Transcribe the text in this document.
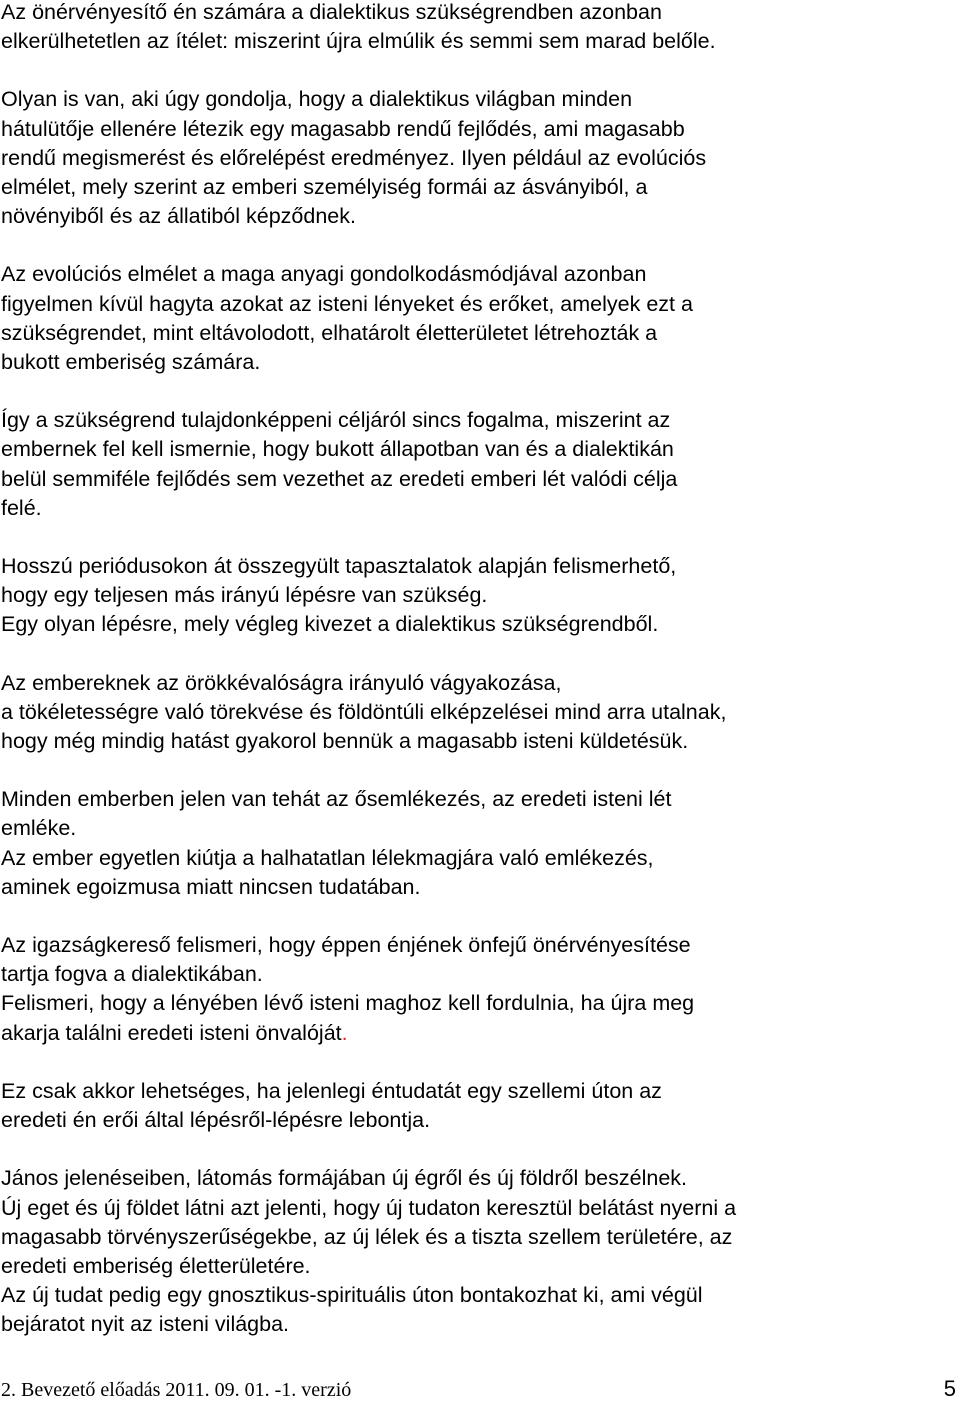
Az önérvényesítő én számára a dialektikus szükségrendben azonban
elkerülhetetlen az ítélet: miszerint újra elmúlik és semmi sem marad belőle.

Olyan is van, aki úgy gondolja, hogy a dialektikus világban minden
hátulütője ellenére létezik egy magasabb rendű fejlődés, ami magasabb
rendű megismerést és előrelépést eredményez. Ilyen például az evolúciós
elmélet, mely szerint az emberi személyiség formái az ásványiból, a
növényiből és az állatiból képződnek.

Az evolúciós elmélet a maga anyagi gondolkodásmódjával azonban
figyelmen kívül hagyta azokat az isteni lényeket és erőket, amelyek ezt a
szükségrendet, mint eltávolodott, elhatárolt életterületet létrehozták a
bukott emberiség számára.

Így a szükségrend tulajdonképpeni céljáról sincs fogalma, miszerint az
embernek fel kell ismernie, hogy bukott állapotban van és a dialektikán
belül semmiféle fejlődés sem vezethet az eredeti emberi lét valódi célja
felé.

Hosszú periódusokon át összegyült tapasztalatok alapján felismerhető,
hogy egy teljesen más irányú lépésre van szükség.
Egy olyan lépésre, mely végleg kivezet a dialektikus szükségrendből.

Az embereknek az örökkévalóságra irányuló vágyakozása,
a tökéletességre való törekvése és földöntúli elképzelései mind arra utalnak,
hogy még mindig hatást gyakorol bennük a magasabb isteni küldetésük.

Minden emberben jelen van tehát az ősemlékezés, az eredeti isteni lét
emléke.
Az ember egyetlen kiútja a halhatatlan lélekmagjára való emlékezés,
aminek egoizmusa miatt nincsen tudatában.

Az igazságkereső felismeri, hogy éppen énjének önfejű önérvényesítése
tartja fogva a dialektikában.
Felismeri, hogy a lényében lévő isteni maghoz kell fordulnia, ha újra meg
akarja találni eredeti isteni önvalóját.

Ez csak akkor lehetséges, ha jelenlegi éntudatát egy szellemi úton az
eredeti én erői által lépésről-lépésre lebontja.

János jelenéseiben, látomás formájában új égről és új földről beszélnek.
Új eget és új földet látni azt jelenti, hogy új tudaton keresztül belátást nyerni a
magasabb törvényszerűségekbe, az új lélek és a tiszta szellem területére, az
eredeti emberiség életterületére.
Az új tudat pedig egy gnosztikus-spirituális úton bontakozhat ki, ami végül
bejáratot nyit az isteni világba.

2. Bevezető előadás 2011. 09. 01. -1. verzió	5
